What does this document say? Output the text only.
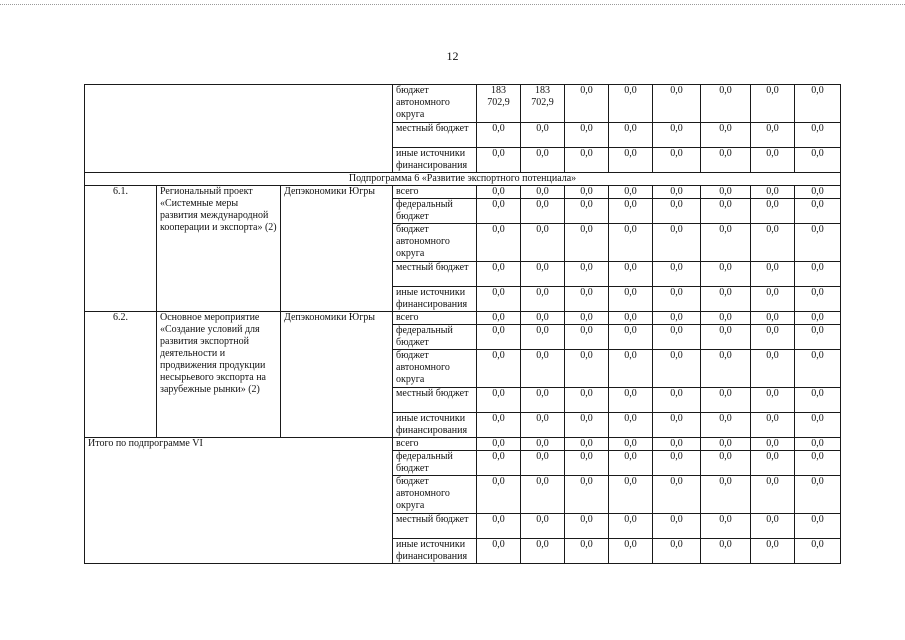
12
			бюджет автономного округа	183 702,9	183 702,9	0,0	0,0	0,0	0,0	0,0	0,0
			местный бюджет	0,0	0,0	0,0	0,0	0,0	0,0	0,0	0,0
			иные источники финансирования	0,0	0,0	0,0	0,0	0,0	0,0	0,0	0,0
Подпрограмма 6 «Развитие экспортного потенциала»											
6.1.	Региональный проект «Системные меры развития международной кооперации и экспорта» (2)	Депэкономики Югры	всего	0,0	0,0	0,0	0,0	0,0	0,0	0,0	0,0
			федеральный бюджет	0,0	0,0	0,0	0,0	0,0	0,0	0,0	0,0
			бюджет автономного округа	0,0	0,0	0,0	0,0	0,0	0,0	0,0	0,0
			местный бюджет	0,0	0,0	0,0	0,0	0,0	0,0	0,0	0,0
			иные источники финансирования	0,0	0,0	0,0	0,0	0,0	0,0	0,0	0,0
6.2.	Основное мероприятие «Создание условий для развития экспортной деятельности и продвижения продукции несырьевого экспорта на зарубежные рынки» (2)	Депэкономики Югры	всего	0,0	0,0	0,0	0,0	0,0	0,0	0,0	0,0
			федеральный бюджет	0,0	0,0	0,0	0,0	0,0	0,0	0,0	0,0
			бюджет автономного округа	0,0	0,0	0,0	0,0	0,0	0,0	0,0	0,0
			местный бюджет	0,0	0,0	0,0	0,0	0,0	0,0	0,0	0,0
			иные источники финансирования	0,0	0,0	0,0	0,0	0,0	0,0	0,0	0,0
Итого по подпрограмме VI			всего	0,0	0,0	0,0	0,0	0,0	0,0	0,0	0,0
			федеральный бюджет	0,0	0,0	0,0	0,0	0,0	0,0	0,0	0,0
			бюджет автономного округа	0,0	0,0	0,0	0,0	0,0	0,0	0,0	0,0
			местный бюджет	0,0	0,0	0,0	0,0	0,0	0,0	0,0	0,0
			иные источники финансирования	0,0	0,0	0,0	0,0	0,0	0,0	0,0	0,0
